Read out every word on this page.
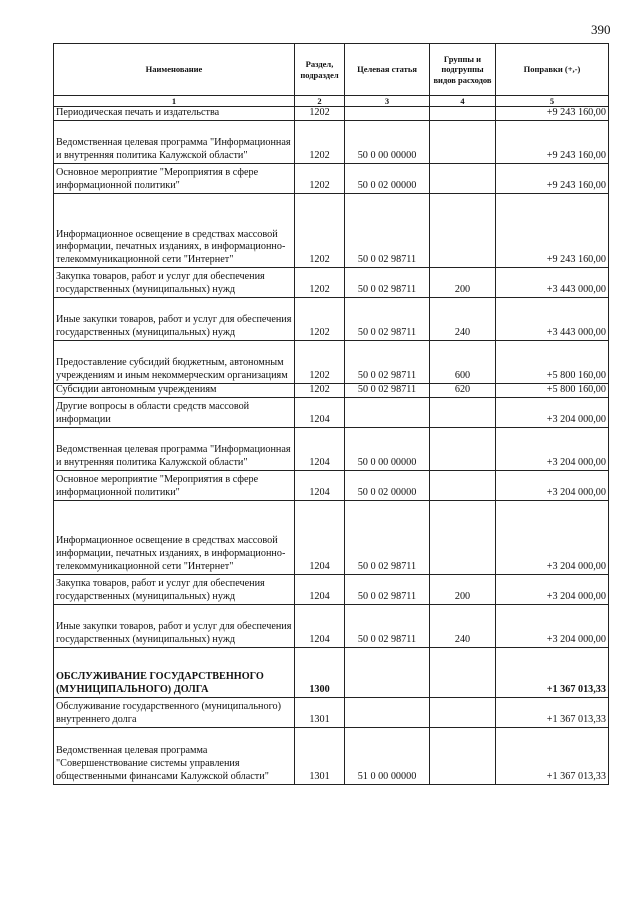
390
Наименование	Раздел, подраздел	Целевая статья	Группы и подгруппы видов расходов	Поправки (+,-)
1	2	3	4	5
Периодическая печать и издательства	1202			+9 243 160,00
Ведомственная целевая программа "Информационная и внутренняя политика Калужской области"	1202	50 0 00 00000		+9 243 160,00
Основное мероприятие "Мероприятия в сфере информационной политики"	1202	50 0 02 00000		+9 243 160,00
Информационное освещение в средствах массовой информации, печатных изданиях, в информационно-телекоммуникационной сети "Интернет"	1202	50 0 02 98711		+9 243 160,00
Закупка товаров, работ и услуг для обеспечения государственных (муниципальных) нужд	1202	50 0 02 98711	200	+3 443 000,00
Иные закупки товаров, работ и услуг для обеспечения государственных (муниципальных) нужд	1202	50 0 02 98711	240	+3 443 000,00
Предоставление субсидий бюджетным, автономным учреждениям и иным некоммерческим организациям	1202	50 0 02 98711	600	+5 800 160,00
Субсидии автономным учреждениям	1202	50 0 02 98711	620	+5 800 160,00
Другие вопросы в области средств массовой информации	1204			+3 204 000,00
Ведомственная целевая программа "Информационная и внутренняя политика Калужской области"	1204	50 0 00 00000		+3 204 000,00
Основное мероприятие "Мероприятия в сфере информационной политики"	1204	50 0 02 00000		+3 204 000,00
Информационное освещение в средствах массовой информации, печатных изданиях, в информационно-телекоммуникационной сети "Интернет"	1204	50 0 02 98711		+3 204 000,00
Закупка товаров, работ и услуг для обеспечения государственных (муниципальных) нужд	1204	50 0 02 98711	200	+3 204 000,00
Иные закупки товаров, работ и услуг для обеспечения государственных (муниципальных) нужд	1204	50 0 02 98711	240	+3 204 000,00
ОБСЛУЖИВАНИЕ ГОСУДАРСТВЕННОГО (МУНИЦИПАЛЬНОГО) ДОЛГА	1300			+1 367 013,33
Обслуживание государственного (муниципального) внутреннего долга	1301			+1 367 013,33
Ведомственная целевая программа "Совершенствование системы управления общественными финансами Калужской области"	1301	51 0 00 00000		+1 367 013,33
